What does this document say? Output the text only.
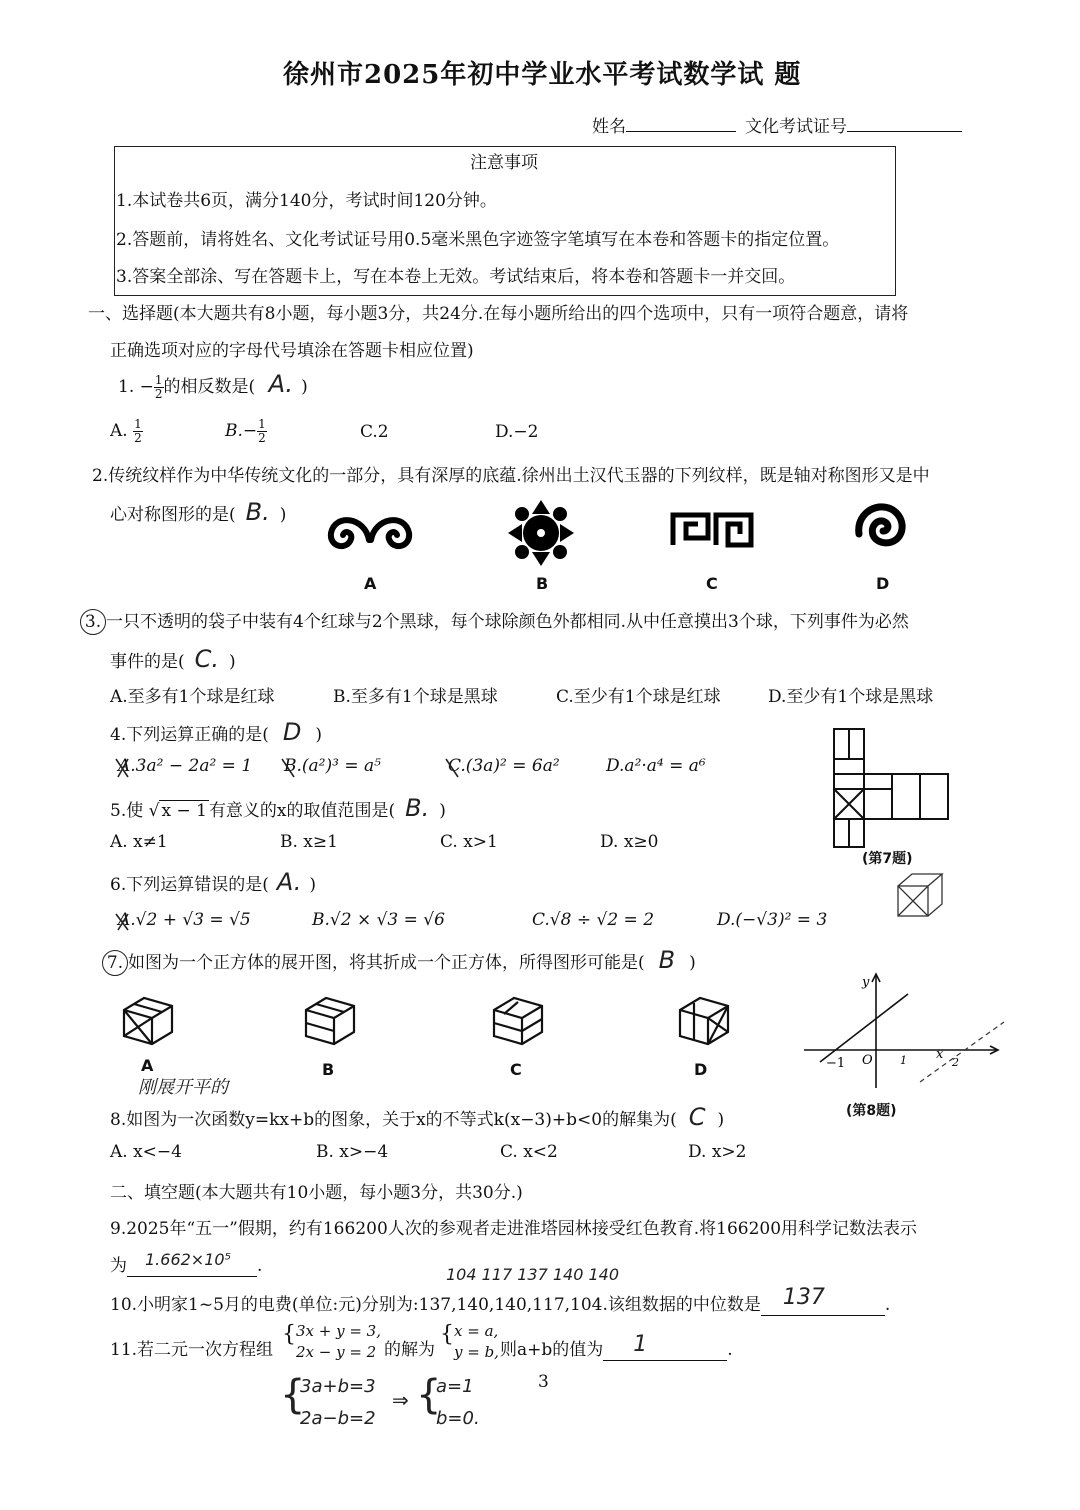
徐州市2025年初中学业水平考试数学试 题
姓名	文化考试证号
注意事项
1.本试卷共6页，满分140分，考试时间120分钟。
2.答题前，请将姓名、文化考试证号用0.5毫米黑色字迹签字笔填写在本卷和答题卡的指定位置。
3.答案全部涂、写在答题卡上，写在本卷上无效。考试结束后，将本卷和答题卡一并交回。
一、选择题(本大题共有8小题，每小题3分，共24分.在每小题所给出的四个选项中，只有一项符合题意，请将
正确选项对应的字母代号填涂在答题卡相应位置)
1. − $\frac{1}{2}$ 的相反数是( A. )
A. $\frac{1}{2}$	$B.- \frac{1}{2}$	C.2	D.−2
2.传统纹样作为中华传统文化的一部分，具有深厚的底蕴.徐州出土汉代玉器的下列纹样，既是轴对称图形又是中
心对称图形的是( B. )
A	B	C	D
3. 一只不透明的袋子中装有4个红球与2个黑球，每个球除颜色外都相同.从中任意摸出3个球，下列事件为必然
事件的是( C. )
A.至多有1个球是红球	B.至多有1个球是黑球	C.至少有1个球是红球	D.至少有1个球是黑球
4.下列运算正确的是( D )
A.3a² − 2a² = 1 B.(a²)³ = a⁵	C.(3a)² = 6a²	D.a²·a⁴ = a⁶
(第7题)
5.使 √ x − 1 有意义的x的取值范围是( B. )
A. x≠1	B. x≥1	C. x>1	D. x≥0
6.下列运算错误的是( A. )
A.√2 + √3 = √5	B.√2 × √3 = √6	C.√8 ÷ √2 = 2	D.(−√3)² = 3
7. 如图为一个正方体的展开图，将其折成一个正方体，所得图形可能是( B )
A	B	C	D
刚展开平的
y
O
−1	1 x
2
(第8题)
8.如图为一次函数y=kx+b的图象，关于x的不等式k(x−3)+b<0的解集为( C )
A. x<−4	B. x>−4	C. x<2	D. x>2
二、填空题(本大题共有10小题，每小题3分，共30分.)
9.2025年“五一”假期，约有166200人次的参观者走进淮塔园林接受红色教育.将166200用科学记数法表示
为 1.662×10⁵ .	104 117 137 140 140
10.小明家1~5月的电费(单位:元)分别为:137,140,140,117,104.该组数据的中位数是 137	.
11.若二元一次方程组
{ 3x + y = 3,
2x − y = 2 的解为
{ x = a,
y = b, 则a+b的值为 1	.
{
3a+b=3
2a−b=2
⇒ {
a=1
b=0.
3
